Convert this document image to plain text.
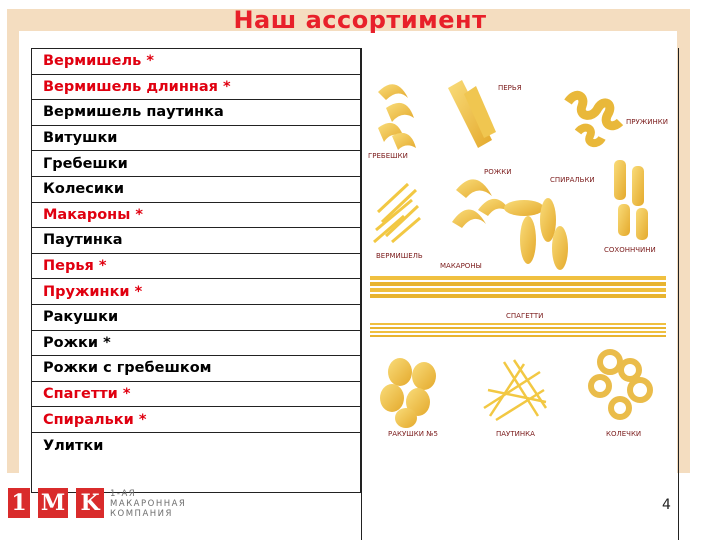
Наш ассортимент
Вермишель *
Вермишель длинная *
Вермишель паутинка
Витушки
Гребешки
Колесики
Макароны *
Паутинка
Перья *
Пружинки *
Ракушки
Рожки *
Рожки с гребешком
Спагетти *
Спиральки *
Улитки
ГРЕБЕШКИ
ПЕРЬЯ
ПРУЖИНКИ
ВЕРМИШЕЛЬ
МАКАРОНЫ
РОЖКИ
СПИРАЛЬКИ
СОХОННЧИНИ
СПАГЕТТИ
РАКУШКИ №5	ПАУТИНКА	КОЛЕЧКИ
1 M K	1-АЯ
МАКАРОННАЯ
КОМПАНИЯ
4
